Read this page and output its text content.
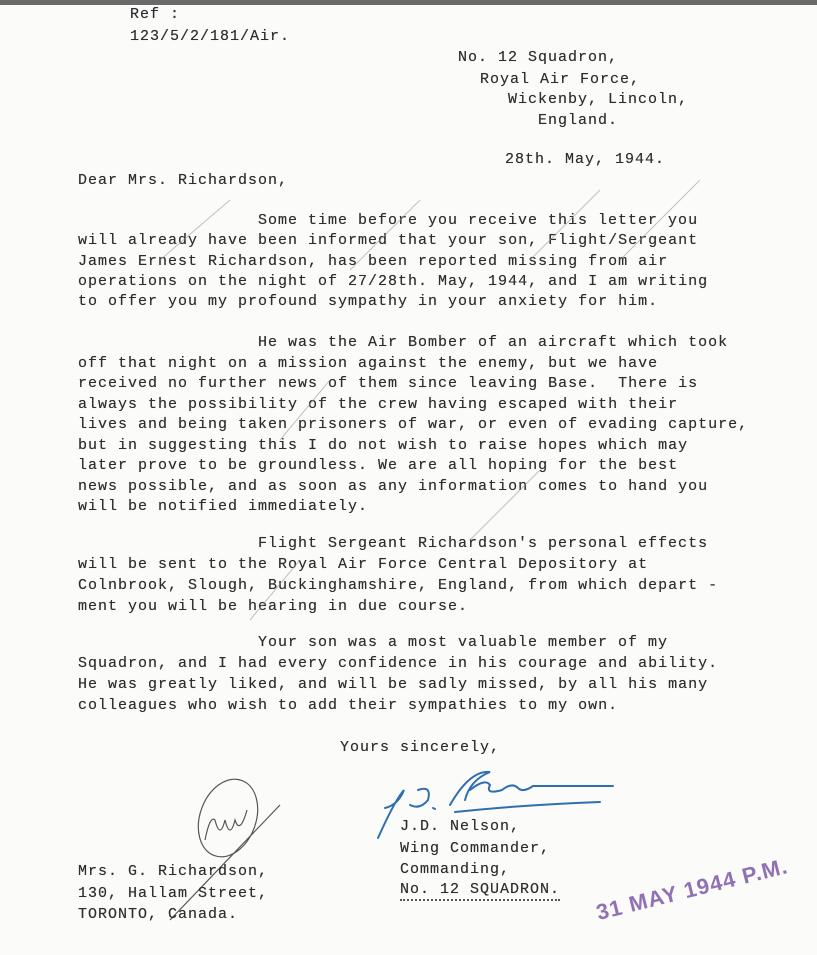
Ref :
123/5/2/181/Air.
No. 12 Squadron,
Royal Air Force,
Wickenby, Lincoln,
England.
28th. May, 1944.
Dear Mrs. Richardson,
Some time before you receive this letter you
will already have been informed that your son, Flight/Sergeant
James Ernest Richardson, has been reported missing from air
operations on the night of 27/28th. May, 1944, and I am writing
to offer you my profound sympathy in your anxiety for him.
He was the Air Bomber of an aircraft which took
off that night on a mission against the enemy, but we have
received no further news of them since leaving Base.  There is
always the possibility of the crew having escaped with their
lives and being taken prisoners of war, or even of evading capture,
but in suggesting this I do not wish to raise hopes which may
later prove to be groundless. We are all hoping for the best
news possible, and as soon as any information comes to hand you
will be notified immediately.
Flight Sergeant Richardson's personal effects
will be sent to the Royal Air Force Central Depository at
Colnbrook, Slough, Buckinghamshire, England, from which depart -
ment you will be hearing in due course.
Your son was a most valuable member of my
Squadron, and I had every confidence in his courage and ability.
He was greatly liked, and will be sadly missed, by all his many
colleagues who wish to add their sympathies to my own.
Yours sincerely,
J.D. Nelson,
Wing Commander,
Commanding,
No. 12 SQUADRON.
Mrs. G. Richardson,
130, Hallam Street,
TORONTO, Canada.	31 MAY 1944 P.M.
